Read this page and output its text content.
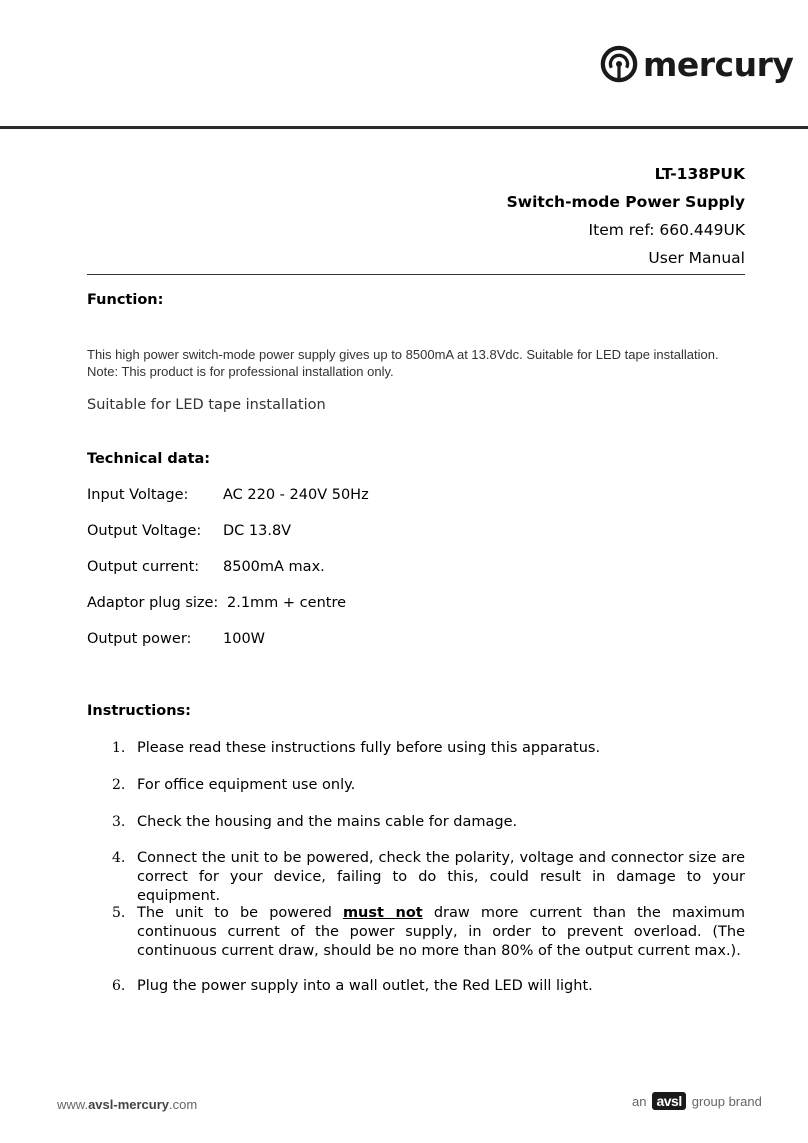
mercury
LT-138PUK
Switch-mode Power Supply
Item ref: 660.449UK
User Manual
Function:
This high power switch-mode power supply gives up to 8500mA at 13.8Vdc. Suitable for LED tape installation. Note: This product is for professional installation only.
Suitable for LED tape installation
Technical data:
Input Voltage: AC 220 - 240V 50Hz
Output Voltage: DC 13.8V
Output current: 8500mA max.
Adaptor plug size: 2.1mm + centre
Output power: 100W
Instructions:
1. Please read these instructions fully before using this apparatus.
2. For office equipment use only.
3. Check the housing and the mains cable for damage.
4. Connect the unit to be powered, check the polarity, voltage and connector size are correct for your device, failing to do this, could result in damage to your equipment.
5. The unit to be powered must not draw more current than the maximum continuous current of the power supply, in order to prevent overload. (The continuous current draw, should be no more than 80% of the output current max.).
6. Plug the power supply into a wall outlet, the Red LED will light.
www.avsl-mercury.com	an avsl group brand
